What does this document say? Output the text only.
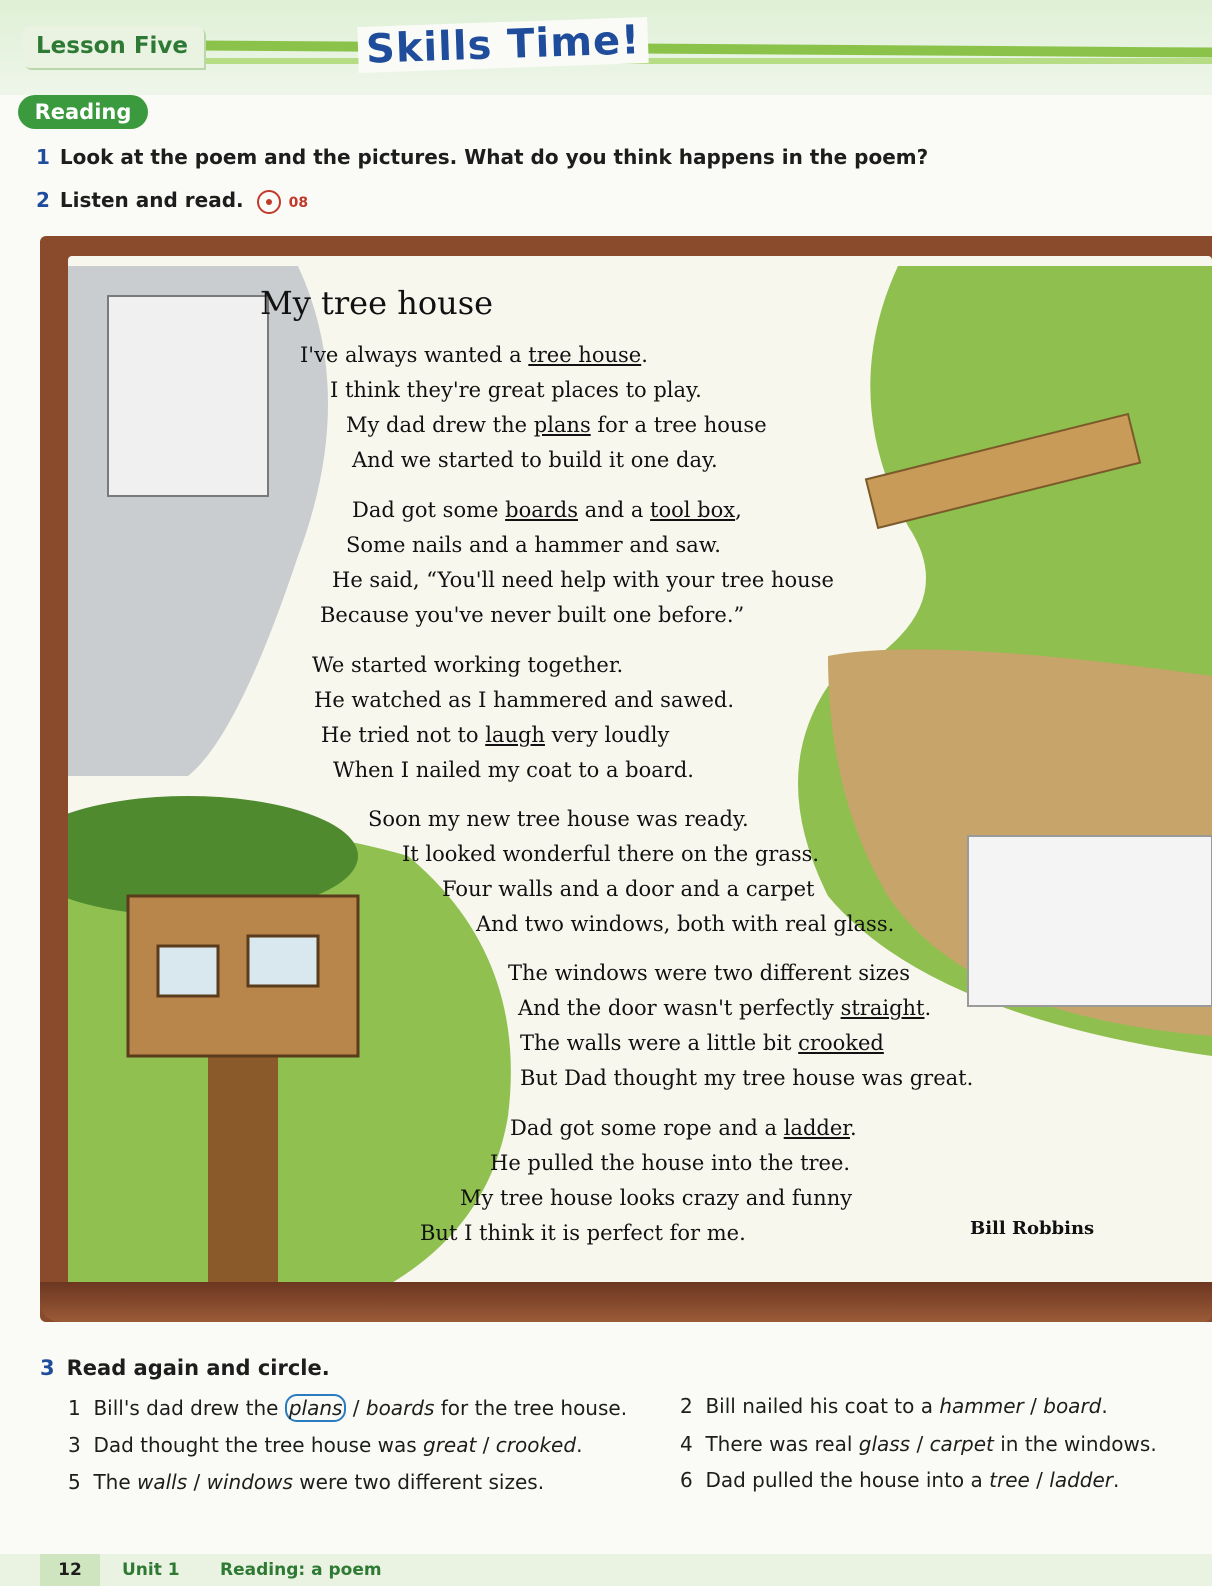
Lesson Five	Skills Time!
Reading
1 Look at the poem and the pictures. What do you think happens in the poem?
2 Listen and read.	08
My tree house
I've always wanted a tree house.
I think they're great places to play.
My dad drew the plans for a tree house
And we started to build it one day.
Dad got some boards and a tool box,
Some nails and a hammer and saw.
He said, “You'll need help with your tree house
Because you've never built one before.”
We started working together.
He watched as I hammered and sawed.
He tried not to laugh very loudly
When I nailed my coat to a board.
Soon my new tree house was ready.
It looked wonderful there on the grass.
Four walls and a door and a carpet
And two windows, both with real glass.
The windows were two different sizes
And the door wasn't perfectly straight.
The walls were a little bit crooked
But Dad thought my tree house was great.
Dad got some rope and a ladder.
He pulled the house into the tree.
My tree house looks crazy and funny
But I think it is perfect for me.	Bill Robbins
3 Read again and circle.
1 Bill's dad drew the plans / boards for the tree house.	2 Bill nailed his coat to a hammer / board.
3 Dad thought the tree house was great / crooked.	4 There was real glass / carpet in the windows.
5 The walls / windows were two different sizes.	6 Dad pulled the house into a tree / ladder.
12	Unit 1 Reading: a poem
